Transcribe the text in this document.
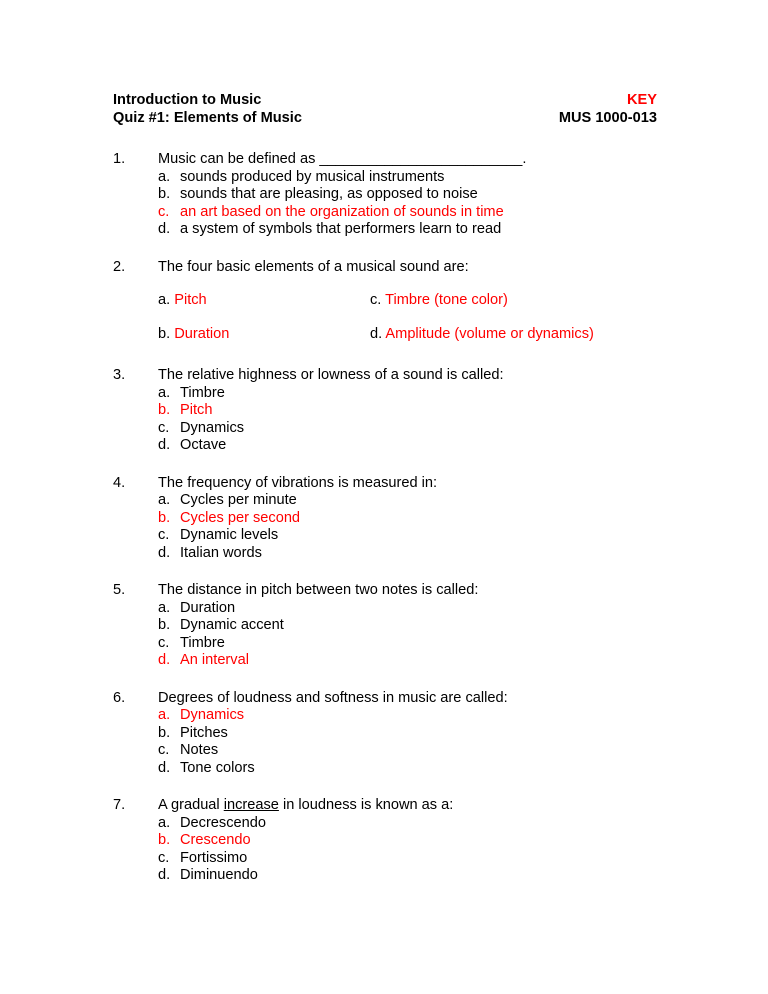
Introduction to Music
Quiz #1: Elements of Music
KEY
MUS 1000-013
1.	Music can be defined as _________________________.
a. sounds produced by musical instruments
b. sounds that are pleasing, as opposed to noise
c. an art based on the organization of sounds in time
d. a system of symbols that performers learn to read
2.	The four basic elements of a musical sound are:
a. Pitch	c. Timbre (tone color)
b. Duration	d. Amplitude (volume or dynamics)
3.	The relative highness or lowness of a sound is called:
a. Timbre
b. Pitch
c. Dynamics
d. Octave
4.	The frequency of vibrations is measured in:
a. Cycles per minute
b. Cycles per second
c. Dynamic levels
d. Italian words
5.	The distance in pitch between two notes is called:
a. Duration
b. Dynamic accent
c. Timbre
d. An interval
6.	Degrees of loudness and softness in music are called:
a. Dynamics
b. Pitches
c. Notes
d. Tone colors
7.	A gradual increase in loudness is known as a:
a. Decrescendo
b. Crescendo
c. Fortissimo
d. Diminuendo
